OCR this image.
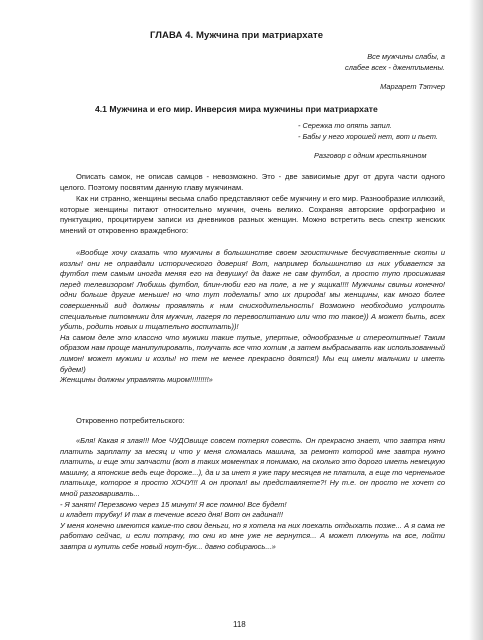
ГЛАВА 4. Мужчина при матриархате
Все мужчины слабы, а
слабее всех - джентльмены.
Маргарет Тэтчер
4.1 Мужчина и его мир. Инверсия мира мужчины при матриархате
- Сережка то опять запил.
- Бабы у него хорошей нет, вот и пьет.
Разговор с одним крестьянином

Описать самок, не описав самцов - невозможно. Это - две зависимые друг от друга части одного целого. Поэтому посвятим данную главу мужчинам.

Как ни странно, женщины весьма слабо представляют себе мужчину и его мир. Разнообразие иллюзий, которые женщины питают относительно мужчин, очень велико. Сохраняя авторские орфографию и пунктуацию, процитируем записи из дневников разных женщин. Можно встретить весь спектр женских мнений от откровенно враждебного:

«Вообще хочу сказать что мужчины в большинстве своем эгоистичные бесчувственные скоты и козлы! они не оправдали исторического доверия! Вот, например большинство из них убивается за футбол тем самым иногда меняя его на девушку! да даже не сам футбол, а просто тупо просиживая перед телевизором! Любишь футбол, блин-люби его на поле, а не у ящика!!!! Мужчины свиньи конечно! одни больше другие меньше! но что тут поделать! это их природа! мы женщины, как много более совершенный вид должны проявлять к ним снисходительность! Возможно необходимо устроить специальные питомники для мужчин, лагеря по перевоспитанию или что то такое)) А может быть, всех убить, родить новых и тщательно воспитать))!
На самом деле это классно что мужики такие тупые, упертые, однообразные и стереотипные! Таким образом нам проще манипулировать, получать все что хотим ,а затем выбрасывать как использованный лимон! может мужики и козлы! но тем не менее прекрасно доятся!) Мы ещ имели мальчики и иметь будем!)
Женщины должны управлять миром!!!!!!!!!»

Откровенно потребительского:

«Бля! Какая я злая!!! Мое ЧУДОвище совсем потерял совесть. Он прекрасно знает, что завтра няни платить зарплату за месяц и что у меня сломалась машина, за ремонт которой мне завтра нужно платить, и еще эти запчасти (вот в таких моментах я понимаю, на сколько это дорого иметь немецкую машину, а японские ведь еще дороже...), да и за инет я уже пару месяцев не платила, а еще то черненькое платьице, которое я просто ХОЧУ!!! А он пропал! вы представляете?! Ну т.е. он просто не хочет со мной разговаривать...
- Я занят! Перезвоню через 15 минут! Я все помню! Все будет!
и кладет трубку! И так в течение всего дня! Вот он гадина!!!
У меня конечно имеются какие-то свои деньги, но я хотела на них поехать отдыхать позже... А я сама не работаю сейчас, и если потрачу, то они ко мне уже не вернутся... А может плюнуть на все, пойти завтра и купить себе новый ноут-бук... давно собираюсь...»
118
